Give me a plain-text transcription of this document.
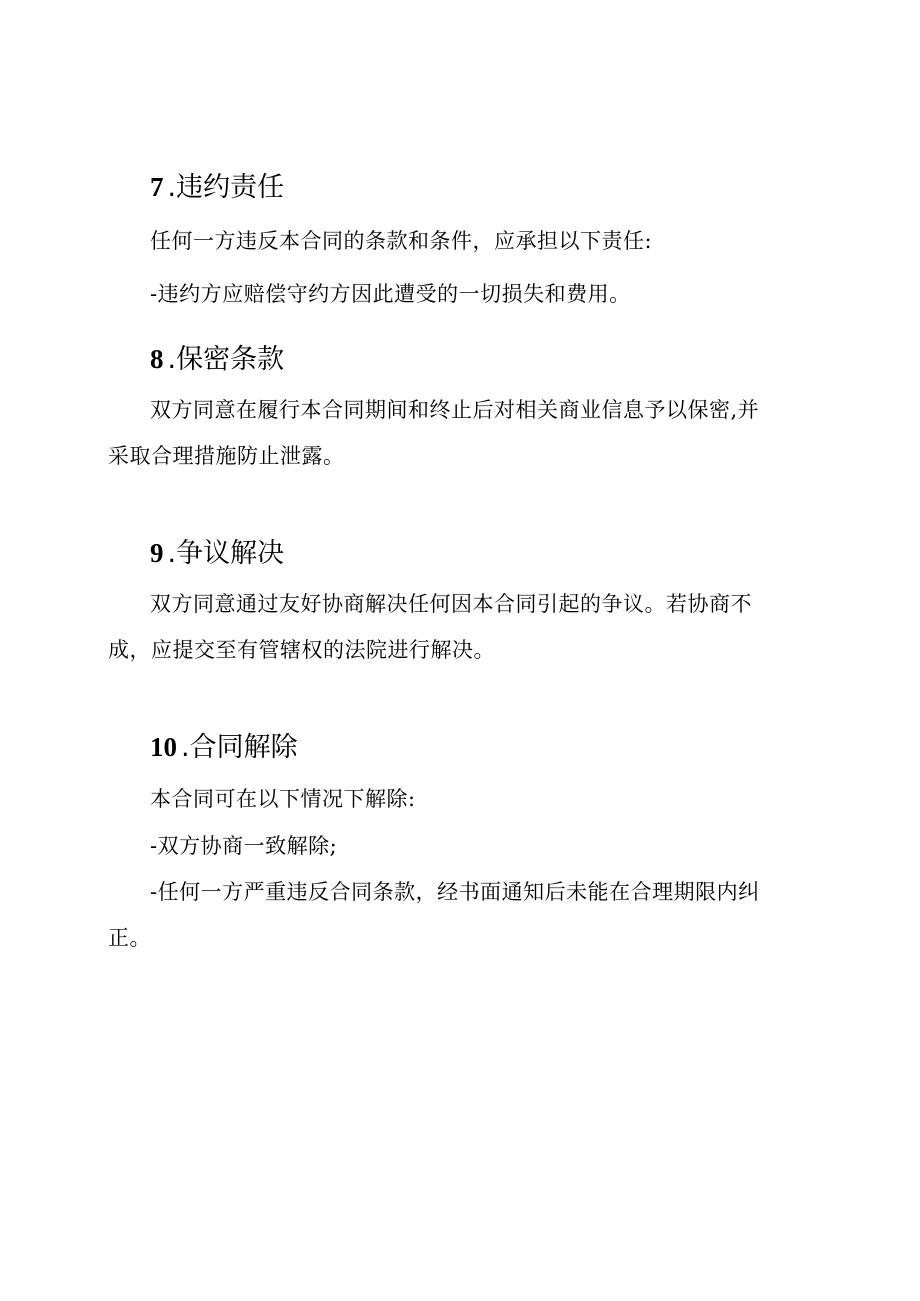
7 .违约责任
任何一方违反本合同的条款和条件，应承担以下责任:
-违约方应赔偿守约方因此遭受的一切损失和费用。
8 .保密条款
双方同意在履行本合同期间和终止后对相关商业信息予以保密,并
采取合理措施防止泄露。
9 .争议解决
双方同意通过友好协商解决任何因本合同引起的争议。若协商不
成，应提交至有管辖权的法院进行解决。
10 .合同解除
本合同可在以下情况下解除:
-双方协商一致解除;
-任何一方严重违反合同条款，经书面通知后未能在合理期限内纠
正。
